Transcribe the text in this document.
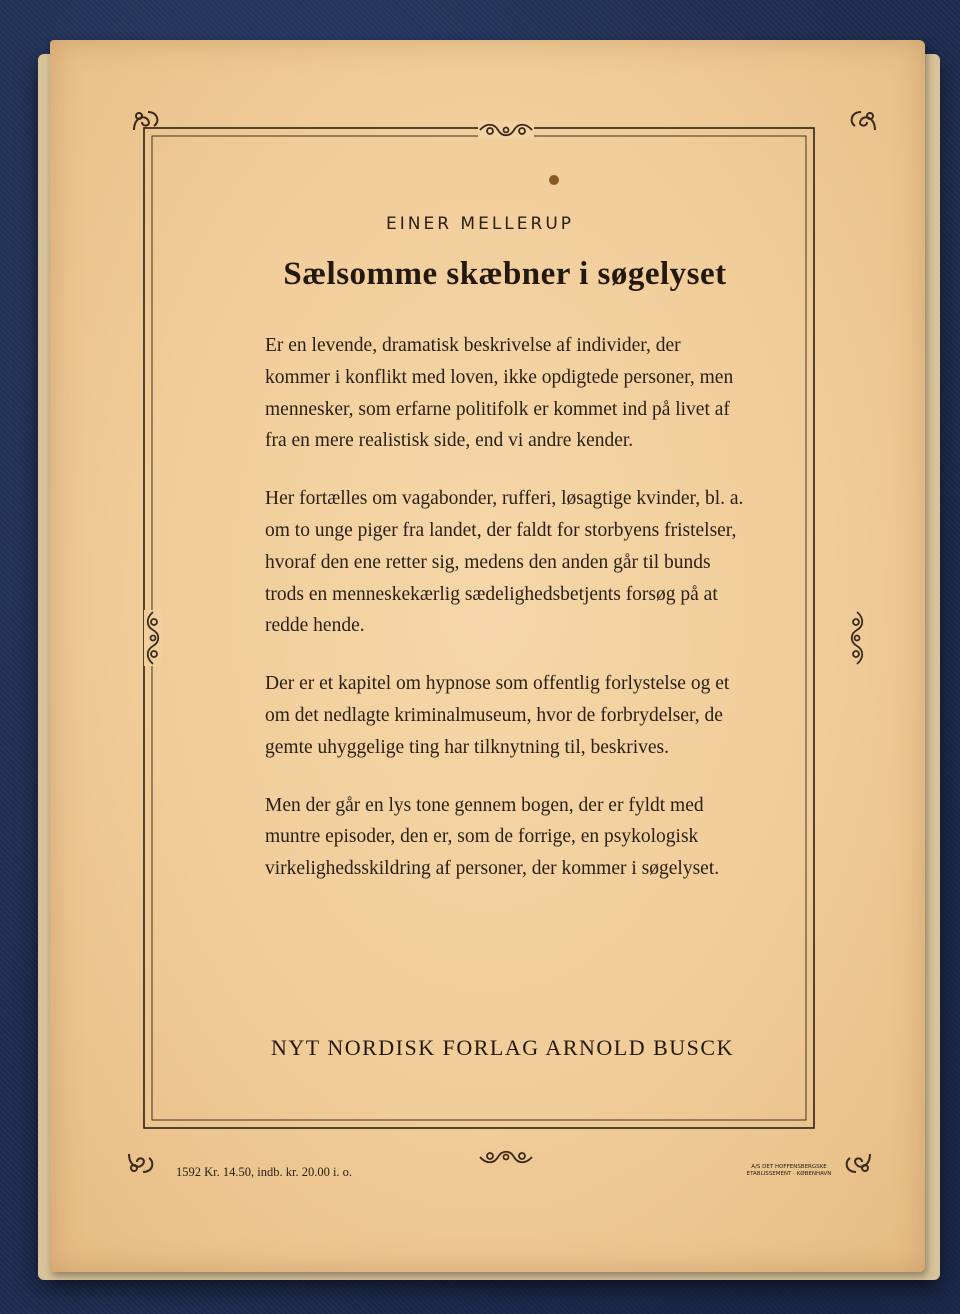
EINER MELLERUP
Sælsomme skæbner i søgelyset

Er en levende, dramatisk beskrivelse af individer, der kommer i konflikt med loven, ikke opdigtede personer, men mennesker, som erfarne politifolk er kommet ind på livet af fra en mere realistisk side, end vi andre kender.

Her fortælles om vagabonder, rufferi, løsagtige kvinder, bl. a. om to unge piger fra landet, der faldt for storbyens fristelser, hvoraf den ene retter sig, medens den anden går til bunds trods en menneskekærlig sædelighedsbetjents forsøg på at redde hende.

Der er et kapitel om hypnose som offentlig forlystelse og et om det nedlagte kriminalmuseum, hvor de forbrydelser, de gemte uhyggelige ting har tilknytning til, beskrives.

Men der går en lys tone gennem bogen, der er fyldt med muntre episoder, den er, som de forrige, en psykologisk virkelighedsskildring af personer, der kommer i søgelyset.

NYT NORDISK FORLAG ARNOLD BUSCK
1592 Kr. 14.50, indb. kr. 20.00 i. o.	A/S DET HOFFENSBERGSKE
ETABLISSEMENT · KØBENHAVN
